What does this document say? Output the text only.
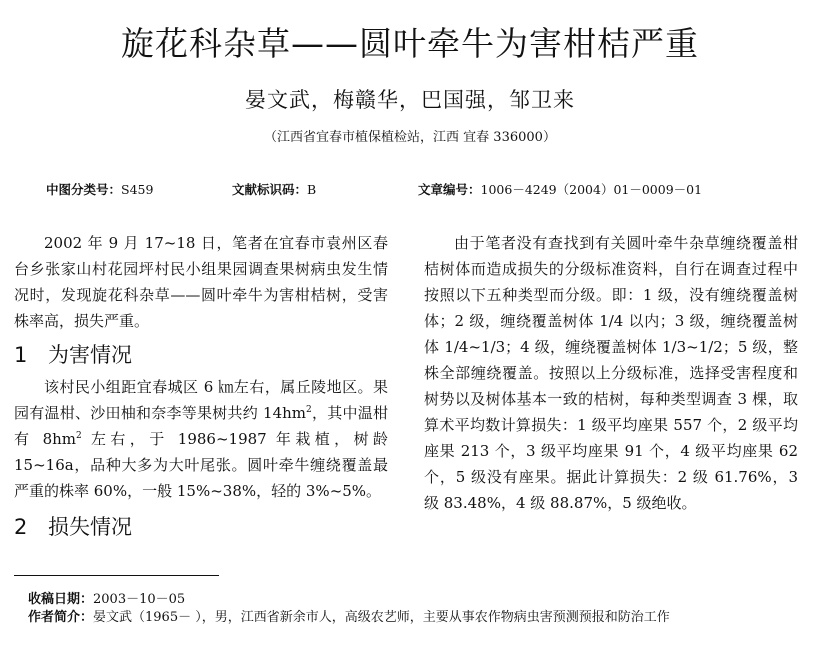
旋花科杂草——圆叶牵牛为害柑桔严重
晏文武，梅赣华，巴国强，邹卫来
（江西省宜春市植保植检站，江西 宜春 336000）
中图分类号：S459	文献标识码：B	文章编号：1006－4249（2004）01－0009－01

2002 年 9 月 17~18 日，笔者在宜春市袁州区春台乡张家山村花园坪村民小组果园调查果树病虫发生情况时，发现旋花科杂草——圆叶牵牛为害柑桔树，受害株率高，损失严重。

1 为害情况

该村民小组距宜春城区 6 ㎞左右，属丘陵地区。果园有温柑、沙田柚和奈李等果树共约 $14hm^2$，其中温柑有 $8hm^2$ 左右，于 1986~1987 年栽植，树龄 15~16a，品种大多为大叶尾张。圆叶牵牛缠绕覆盖最严重的株率 60%，一般 15%~38%，轻的 3%~5%。

2 损失情况

由于笔者没有查找到有关圆叶牵牛杂草缠绕覆盖柑桔树体而造成损失的分级标准资料，自行在调查过程中按照以下五种类型而分级。即：1 级，没有缠绕覆盖树体；2 级，缠绕覆盖树体 1/4 以内；3 级，缠绕覆盖树体 1/4~1/3；4 级，缠绕覆盖树体 1/3~1/2；5 级，整株全部缠绕覆盖。按照以上分级标准，选择受害程度和树势以及树体基本一致的桔树，每种类型调查 3 棵，取算术平均数计算损失：1 级平均座果 557 个，2 级平均座果 213 个，3 级平均座果 91 个，4 级平均座果 62 个，5 级没有座果。据此计算损失：2 级 61.76%，3 级 83.48%，4 级 88.87%，5 级绝收。

收稿日期：2003－10－05
作者简介：晏文武（1965－ ），男，江西省新余市人，高级农艺师，主要从事农作物病虫害预测预报和防治工作
